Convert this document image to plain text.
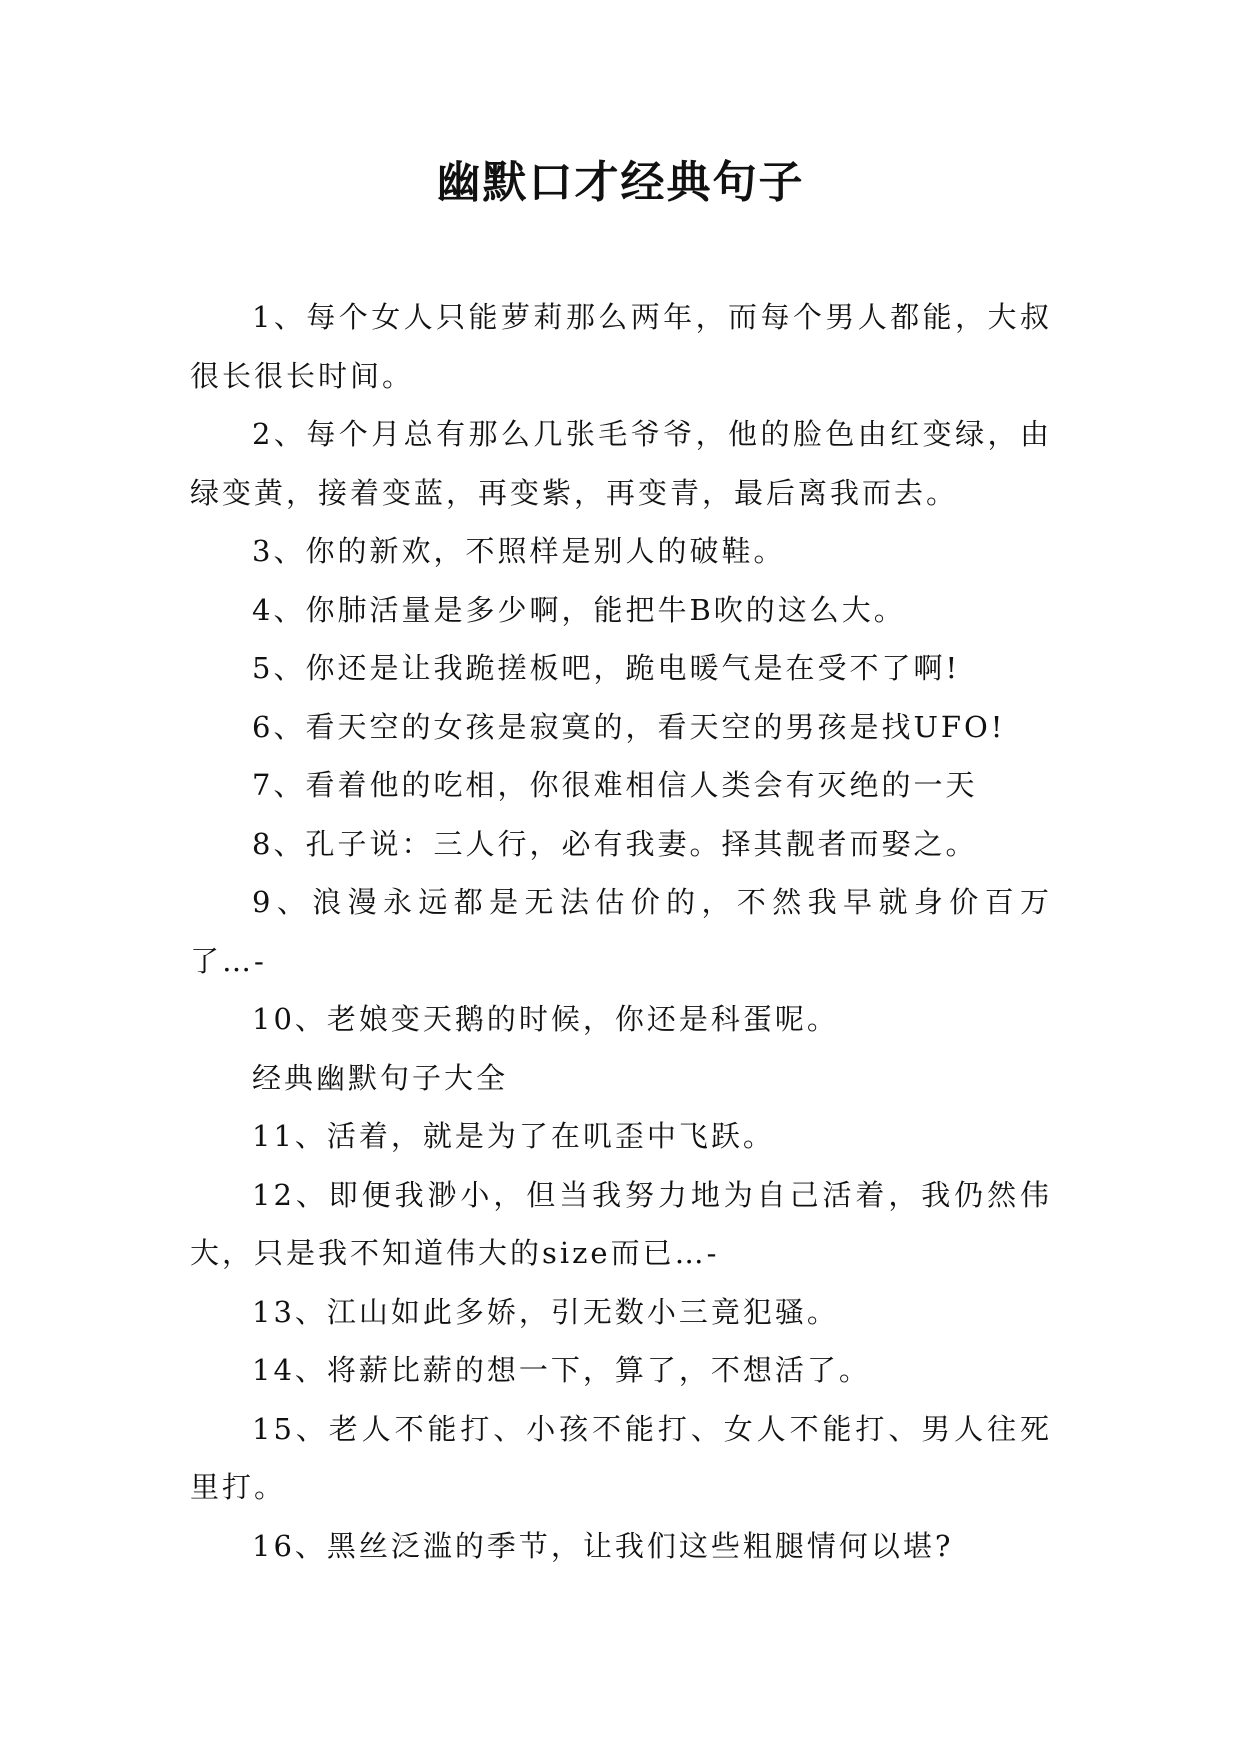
幽默口才经典句子

1、每个女人只能萝莉那么两年，而每个男人都能，大叔很长很长时间。

2、每个月总有那么几张毛爷爷，他的脸色由红变绿，由绿变黄，接着变蓝，再变紫，再变青，最后离我而去。

3、你的新欢，不照样是别人的破鞋。

4、你肺活量是多少啊，能把牛B吹的这么大。

5、你还是让我跪搓板吧，跪电暖气是在受不了啊!

6、看天空的女孩是寂寞的，看天空的男孩是找UFO!

7、看着他的吃相，你很难相信人类会有灭绝的一天

8、孔子说：三人行，必有我妻。择其靓者而娶之。

9、浪漫永远都是无法估价的，不然我早就身价百万了…-

10、老娘变天鹅的时候，你还是科蛋呢。

经典幽默句子大全

11、活着，就是为了在叽歪中飞跃。

12、即便我渺小，但当我努力地为自己活着，我仍然伟大，只是我不知道伟大的size而已…-

13、江山如此多娇，引无数小三竟犯骚。

14、将薪比薪的想一下，算了，不想活了。

15、老人不能打、小孩不能打、女人不能打、男人往死里打。

16、黑丝泛滥的季节，让我们这些粗腿情何以堪?
